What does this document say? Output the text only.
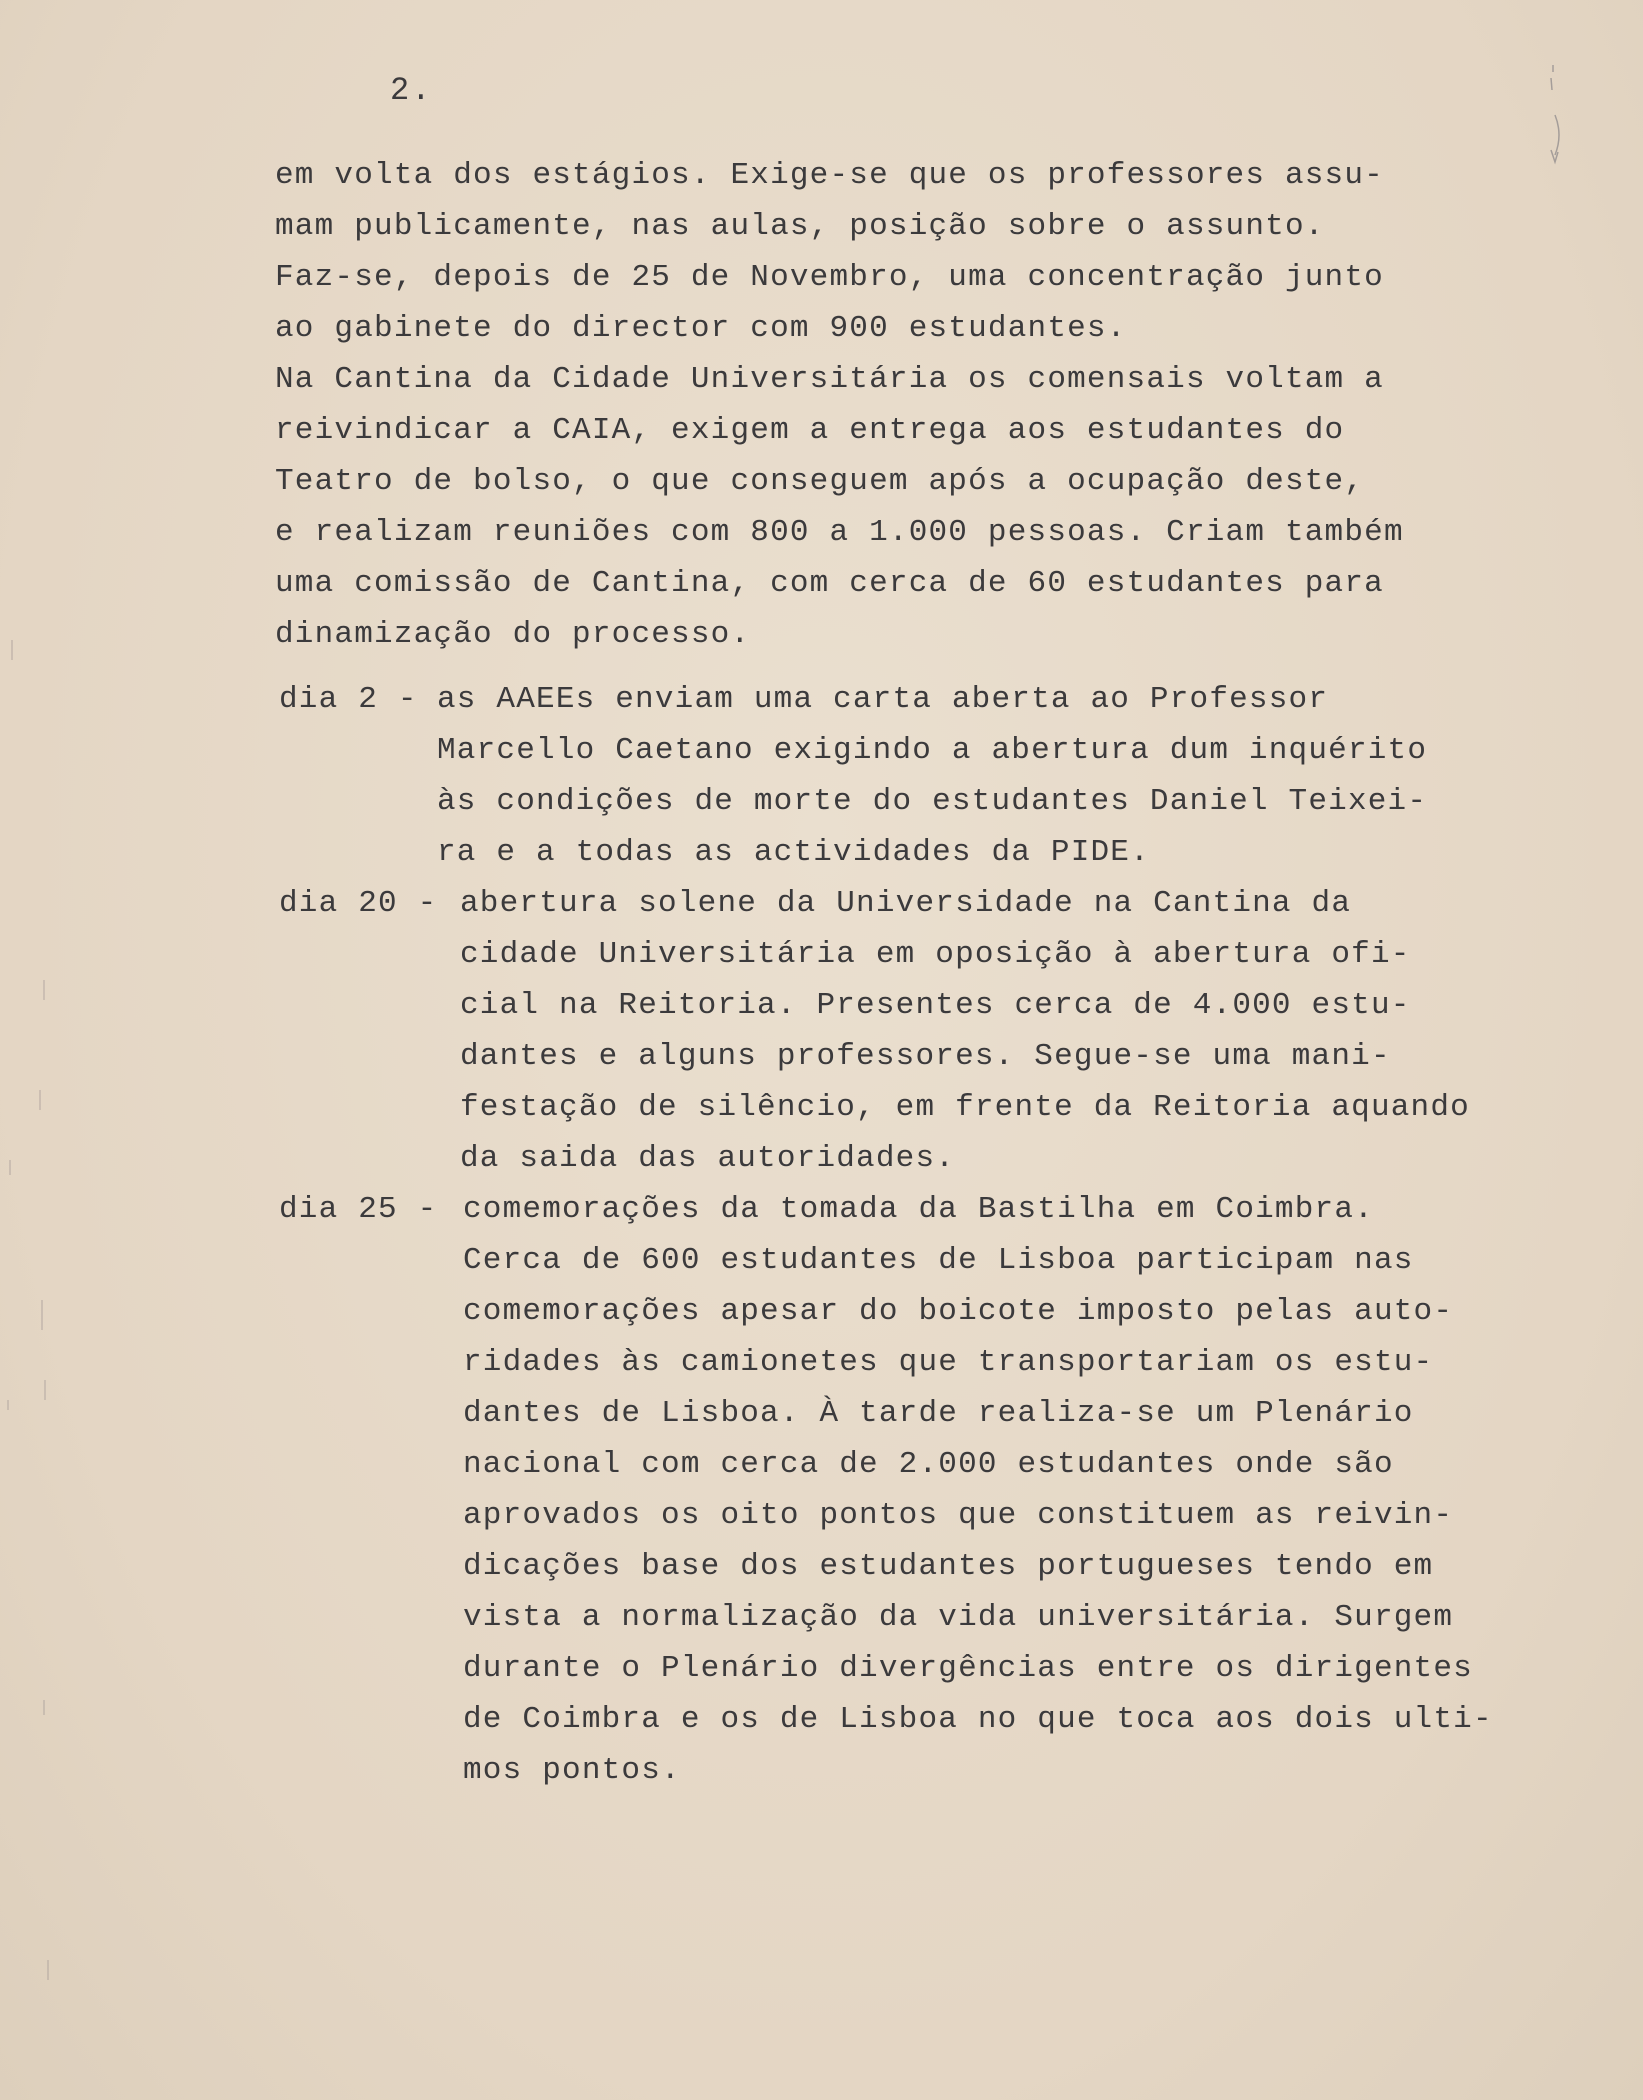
2.
em volta dos estágios. Exige-se que os professores assu-
mam publicamente, nas aulas, posição sobre o assunto.
Faz-se, depois de 25 de Novembro, uma concentração junto
ao gabinete do director com 900 estudantes.
Na Cantina da Cidade Universitária os comensais voltam a
reivindicar a CAIA, exigem a entrega aos estudantes do
Teatro de bolso, o que conseguem após a ocupação deste,
e realizam reuniões com 800 a 1.000 pessoas. Criam também
uma comissão de Cantina, com cerca de 60 estudantes para
dinamização do processo.
dia 2 - as AAEEs enviam uma carta aberta ao Professor
Marcello Caetano exigindo a abertura dum inquérito
às condições de morte do estudantes Daniel Teixei-
ra e a todas as actividades da PIDE.
dia 20 - abertura solene da Universidade na Cantina da
cidade Universitária em oposição à abertura ofi-
cial na Reitoria. Presentes cerca de 4.000 estu-
dantes e alguns professores. Segue-se uma mani-
festação de silêncio, em frente da Reitoria aquando
da saida das autoridades.
dia 25 - comemorações da tomada da Bastilha em Coimbra.
Cerca de 600 estudantes de Lisboa participam nas
comemorações apesar do boicote imposto pelas auto-
ridades às camionetes que transportariam os estu-
dantes de Lisboa. À tarde realiza-se um Plenário
nacional com cerca de 2.000 estudantes onde são
aprovados os oito pontos que constituem as reivin-
dicações base dos estudantes portugueses tendo em
vista a normalização da vida universitária. Surgem
durante o Plenário divergências entre os dirigentes
de Coimbra e os de Lisboa no que toca aos dois ulti-
mos pontos.
